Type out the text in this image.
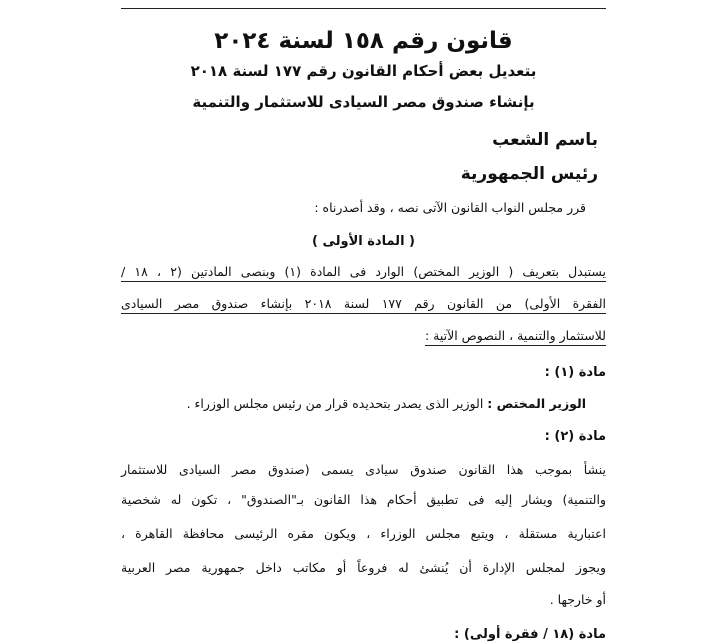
قانون رقم ١٥٨ لسنة ٢٠٢٤
بتعديل بعض أحكام القانون رقم ١٧٧ لسنة ٢٠١٨
بإنشاء صندوق مصر السيادى للاستثمار والتنمية
باسم الشعب
رئيس الجمهورية
قرر مجلس النواب القانون الآتى نصه ، وقد أصدرناه :
( المادة الأولى )
يستبدل بتعريف ( الوزير المختص) الوارد فى المادة (١) وبنصى المادتين (٢ ، ١٨ /
الفقرة الأولى) من القانون رقم ١٧٧ لسنة ٢٠١٨ بإنشاء صندوق مصر السيادى
للاستثمار والتنمية ، النصوص الآتية :
مادة (١) :
الوزير المختص : الوزير الذى يصدر بتحديده قرار من رئيس مجلس الوزراء .
مادة (٢) :
ينشأ بموجب هذا القانون صندوق سيادى يسمى (صندوق مصر السيادى للاستثمار
والتنمية) ويشار إليه فى تطبيق أحكام هذا القانون بـ"الصندوق" ، تكون له شخصية
اعتبارية مستقلة ، ويتبع مجلس الوزراء ، ويكون مقره الرئيسى محافظة القاهرة ،
ويجوز لمجلس الإدارة أن يُنشئ له فروعاً أو مكاتب داخل جمهورية مصر العربية
أو خارجها .
مادة (١٨ / فقرة أولى) :
